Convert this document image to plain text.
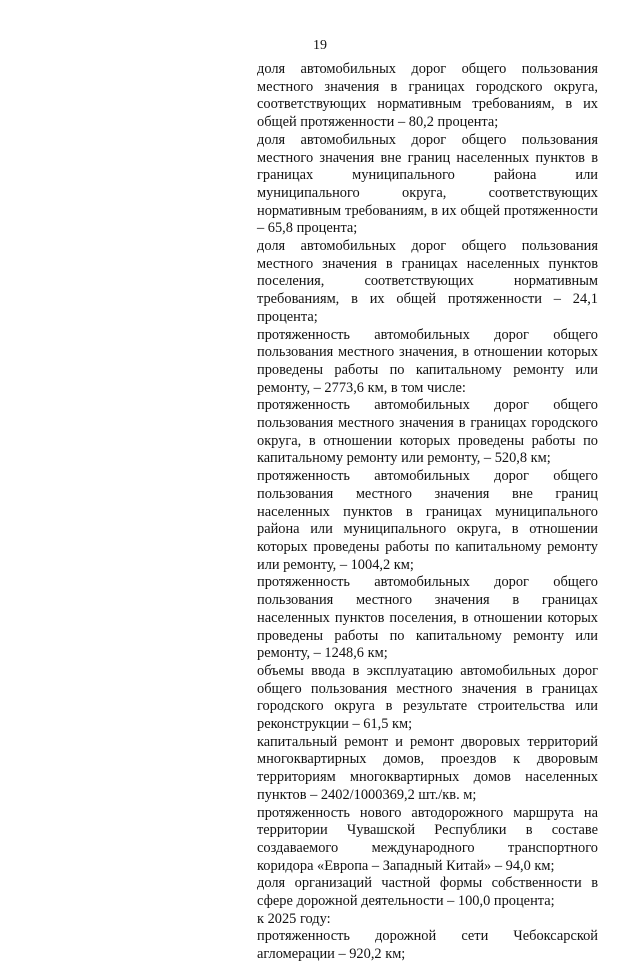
19

доля автомобильных дорог общего пользования местного значения в границах городского округа, соответствующих нормативным требованиям, в их общей протяженности – 80,2 процента;

доля автомобильных дорог общего пользования местного значения вне границ населенных пунктов в границах муниципального района или муниципального округа, соответствующих нормативным требованиям, в их общей протяженности – 65,8 процента;

доля автомобильных дорог общего пользования местного значения в границах населенных пунктов поселения, соответствующих нормативным требованиям, в их общей протяженности – 24,1 процента;

протяженность автомобильных дорог общего пользования местного значения, в отношении которых проведены работы по капитальному ремонту или ремонту, – 2773,6 км, в том числе:

протяженность автомобильных дорог общего пользования местного значения в границах городского округа, в отношении которых проведены работы по капитальному ремонту или ремонту, – 520,8 км;

протяженность автомобильных дорог общего пользования местного значения вне границ населенных пунктов в границах муниципального района или муниципального округа, в отношении которых проведены работы по капитальному ремонту или ремонту, – 1004,2 км;

протяженность автомобильных дорог общего пользования местного значения в границах населенных пунктов поселения, в отношении которых проведены работы по капитальному ремонту или ремонту, – 1248,6 км;

объемы ввода в эксплуатацию автомобильных дорог общего пользования местного значения в границах городского округа в результате строительства или реконструкции – 61,5 км;

капитальный ремонт и ремонт дворовых территорий многоквартирных домов, проездов к дворовым территориям многоквартирных домов населенных пунктов – 2402/1000369,2 шт./кв. м;

протяженность нового автодорожного маршрута на территории Чувашской Республики в составе создаваемого международного транспортного коридора «Европа – Западный Китай» – 94,0 км;

доля организаций частной формы собственности в сфере дорожной деятельности – 100,0 процента;

к 2025 году:

протяженность дорожной сети Чебоксарской агломерации – 920,2 км;
